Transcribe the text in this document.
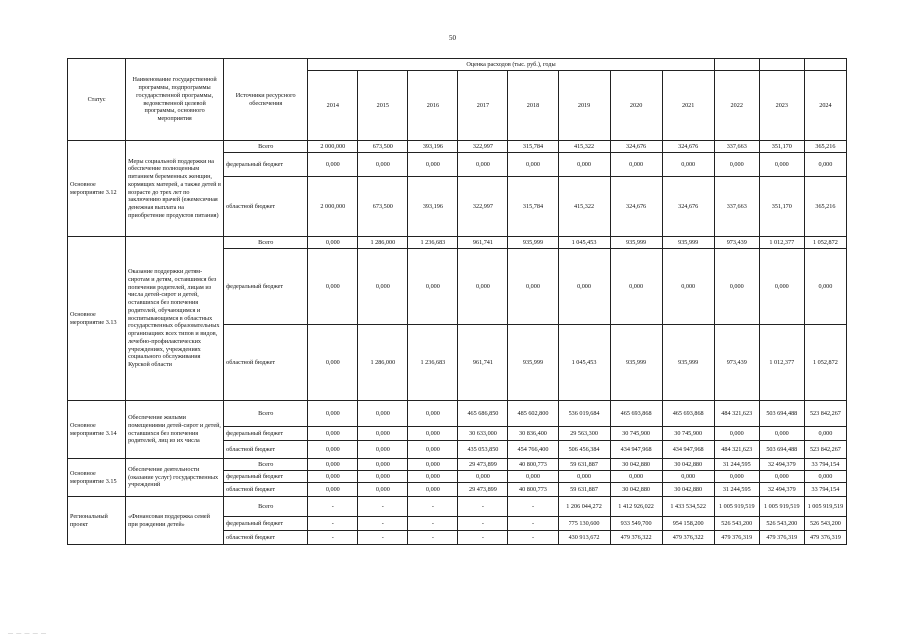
50
Статус	Наименование государственной программы, подпрограммы государственной программы, ведомственной целевой программы, основного мероприятия	Источники ресурсного обеспечения	Оценка расходов (тыс. руб.), годы										
			2014	2015	2016	2017	2018	2019	2020	2021	2022	2023	2024
Основное мероприятие 3.12	Меры социальной поддержки на обеспечение полноценным питанием беременных женщин, кормящих матерей, а также детей в возрасте до трех лет по заключению врачей (ежемесячная денежная выплата на приобретение продуктов питания)	Всего	2 000,000	673,500	393,196	322,997	315,784	415,322	324,676	324,676	337,663	351,170	365,216
		федеральный бюджет	0,000	0,000	0,000	0,000	0,000	0,000	0,000	0,000	0,000	0,000	0,000
		областной бюджет	2 000,000	673,500	393,196	322,997	315,784	415,322	324,676	324,676	337,663	351,170	365,216
Основное мероприятие 3.13	Оказание поддержки детям-сиротам и детям, оставшимся без попечения родителей, лицам из числа детей-сирот и детей, оставшихся без попечения родителей, обучающимся и воспитывающимся в областных государственных образовательных организациях всех типов и видов, лечебно-профилактических учреждениях, учреждениях социального обслуживания Курской области	Всего	0,000	1 286,000	1 236,683	961,741	935,999	1 045,453	935,999	935,999	973,439	1 012,377	1 052,872
		федеральный бюджет	0,000	0,000	0,000	0,000	0,000	0,000	0,000	0,000	0,000	0,000	0,000
		областной бюджет	0,000	1 286,000	1 236,683	961,741	935,999	1 045,453	935,999	935,999	973,439	1 012,377	1 052,872
Основное мероприятие 3.14	Обеспечение жилыми помещениями детей-сирот и детей, оставшихся без попечения родителей, лиц из их числа	Всего	0,000	0,000	0,000	465 686,850	485 602,800	536 019,684	465 693,868	465 693,868	484 321,623	503 694,488	523 842,267
		федеральный бюджет	0,000	0,000	0,000	30 633,000	30 836,400	29 563,300	30 745,900	30 745,900	0,000	0,000	0,000
		областной бюджет	0,000	0,000	0,000	435 053,850	454 766,400	506 456,384	434 947,968	434 947,968	484 321,623	503 694,488	523 842,267
Основное мероприятие 3.15	Обеспечение деятельности (оказание услуг) государственных учреждений	Всего	0,000	0,000	0,000	29 473,899	40 800,773	59 631,887	30 042,880	30 042,880	31 244,595	32 494,379	33 794,154
		федеральный бюджет	0,000	0,000	0,000	0,000	0,000	0,000	0,000	0,000	0,000	0,000	0,000
		областной бюджет	0,000	0,000	0,000	29 473,899	40 800,773	59 631,887	30 042,880	30 042,880	31 244,595	32 494,379	33 794,154
Региональный проект	«Финансовая поддержка семей при рождении детей»	Всего	-	-	-	-	-	1 206 044,272	1 412 926,022	1 433 534,522	1 005 919,519	1 005 919,519	1 005 919,519
		федеральный бюджет	-	-	-	-	-	775 130,600	933 549,700	954 158,200	526 543,200	526 543,200	526 543,200
		областной бюджет	-	-	-	-	-	430 913,672	479 376,322	479 376,322	479 376,319	479 376,319	479 376,319
— — — — —
